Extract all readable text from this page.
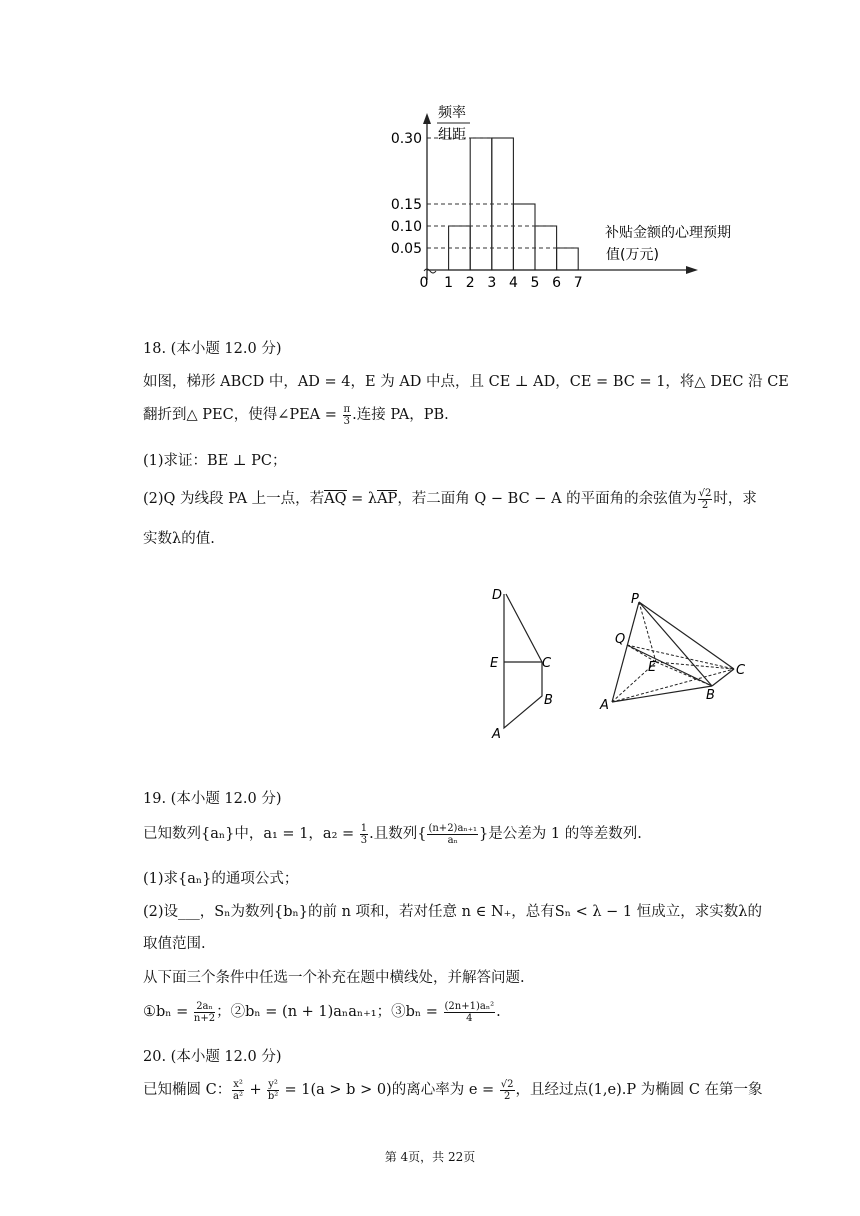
频率
组距
补贴金额的心理预期
值(万元)
0.30
0.15
0.10
0.05
0 1 2 3 4 5 6 7
18. (本小题 12.0 分)
如图，梯形 ABCD 中，AD = 4，E 为 AD 中点，且 CE ⊥ AD，CE = BC = 1，将△ DEC 沿 CE
翻折到△ PEC，使得∠PEA = $\frac{\pi}{3}$ .连接 PA，PB.
(1)求证：BE ⊥ PC；
(2)Q 为线段 PA 上一点，若AQ = λAP，若二面角 Q − BC − A 的平面角的余弦值为 $\frac{√2}{2}$ 时，求
实数λ的值.
D
E	C
B
A
P
Q
E	C
B
A
19. (本小题 12.0 分)
已知数列{aₙ}中，a₁ = 1，$a_2 = \frac{1}{3}$ .且数列{ $\frac{\text{(n+2)aₙ₊₁}}{\text{aₙ}}$ }是公差为 1 的等差数列.
(1)求{aₙ}的通项公式；
(2)设___，Sₙ为数列{bₙ}的前 n 项和，若对任意 n ∈ N₊，总有Sₙ < λ − 1 恒成立，求实数λ的
取值范围.
从下面三个条件中任选一个补充在题中横线处，并解答问题.
①bₙ = $\frac{\text{2aₙ}}{n+2}$ ；②bₙ = (n + 1)aₙaₙ₊₁；③bₙ = $\frac{\text{(2n+1)aₙ²}}{4}$ .
20. (本小题 12.0 分)
已知椭圆 C： $\frac{\text{x²}}{\text{a²}} + \frac{\text{y²}}{\text{b²}} = 1(a > b > 0)$的离心率为 $e = \frac{√2}{2}$ ，且经过点(1,e).P 为椭圆 C 在第一象
第 4页，共 22页
